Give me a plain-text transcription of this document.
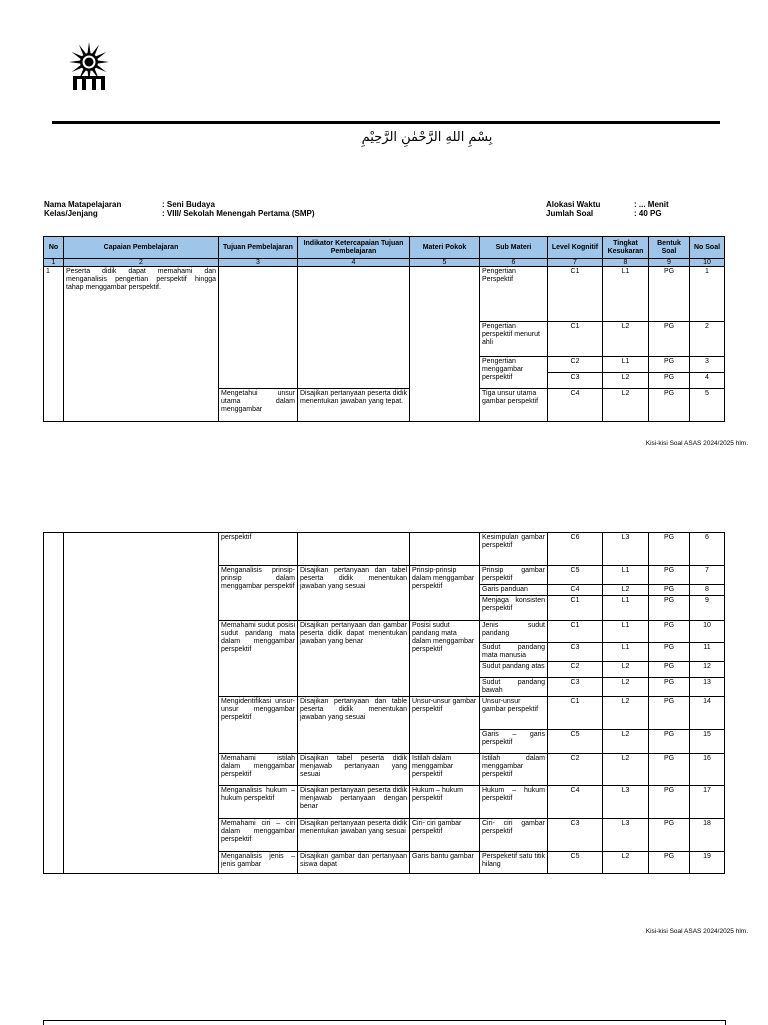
بِسْمِ اللهِ الرَّحْمٰنِ الرَّحِيْمِ
Nama Matapelajaran	: Seni Budaya
Kelas/Jenjang	: VIII/ Sekolah Menengah Pertama (SMP)
Alokasi Waktu	: ... Menit
Jumlah Soal	: 40 PG
No	Capaian Pembelajaran	Tujuan Pembelajaran	Indikator Ketercapaian Tujuan Pembelajaran	Materi Pokok	Sub Materi	Level Kognitif	Tingkat Kesukaran	Bentuk Soal	No Soal
1	2	3	4	5	6	7	8	9	10
1	Peserta didik dapat memahami dan menganalisis pengertian perspektif hingga tahap menggambar perspektif.				Pengertian Perspektif	C1	L1	PG	1
					Pengertian perspektif menurut ahli	C1	L2	PG	2
					Pengertian menggambar perspektif	C2	L1	PG	3
						C3	L2	PG	4
		Mengetahui unsur utama dalam menggambar	Disajikan pertanyaan peserta didik menentukan jawaban yang tepat.		Tiga unsur utama gambar perspektif	C4	L2	PG	5
Kisi-kisi Soal ASAS 2024/2025 hlm.
		perspektif			Kesimpulan gambar perspektif	C6	L3	PG	6
		Menganalisis prinsip-prinsip dalam menggambar perspektif	Disajikan pertanyaan dan tabel peserta didik menentukan jawaban yang sesuai	Prinsip-prinsip dalam menggambar perspektif	Prinsip gambar perspektif	C5	L1	PG	7
					Garis panduan	C4	L2	PG	8
					Menjaga konsisten perspektif	C1	L1	PG	9
		Memahami sudut posisi sudut pandang mata dalam menggambar perspektif	Disajikan pertanyaan dan gambar peserta didik dapat menentukan jawaban yang benar	Posisi sudut pandang mata dalam menggambar perspektif	Jenis sudut pandang	C1	L1	PG	10
					Sudut pandang mata manusia	C3	L1	PG	11
					Sudut pandang atas	C2	L2	PG	12
					Sudut pandang bawah	C3	L2	PG	13
		Mengidentifikasi unsur-unsur menggambar perspektif	Disajikan pertanyaan dan table peserta didik menentukan jawaban yang sesuai	Unsur-unsur gambar perspektif	Unsur-unsur gambar perspektif	C1	L2	PG	14
					Garis – garis perspektif	C5	L2	PG	15
		Memahami istilah dalam menggambar perspektif	Disajikan tabel peserta didik menjawab pertanyaan yang sesuai	Istilah dalam menggambar perspektif	Istilah dalam menggambar perspektif	C2	L2	PG	16
		Menganalisis hukum – hukum perspektif	Disajikan pertanyaan peserta didik menjawab pertanyaan dengan benar	Hukum – hukum perspektif	Hukum – hukum perspektif	C4	L3	PG	17
		Memahami ciri – ciri dalam menggambar perspektif	Disajikan pertanyaan peserta didik menentukan jawaban yang sesuai	Ciri- ciri gambar perspektif	Ciri- ciri gambar perspektif	C3	L3	PG	18
		Menganalisis jenis – jenis gambar	Disajikan gambar dan pertanyaan siswa dapat	Garis bantu gambar	Perspeketif satu titik hilang	C5	L2	PG	19
Kisi-kisi Soal ASAS 2024/2025 hlm.
